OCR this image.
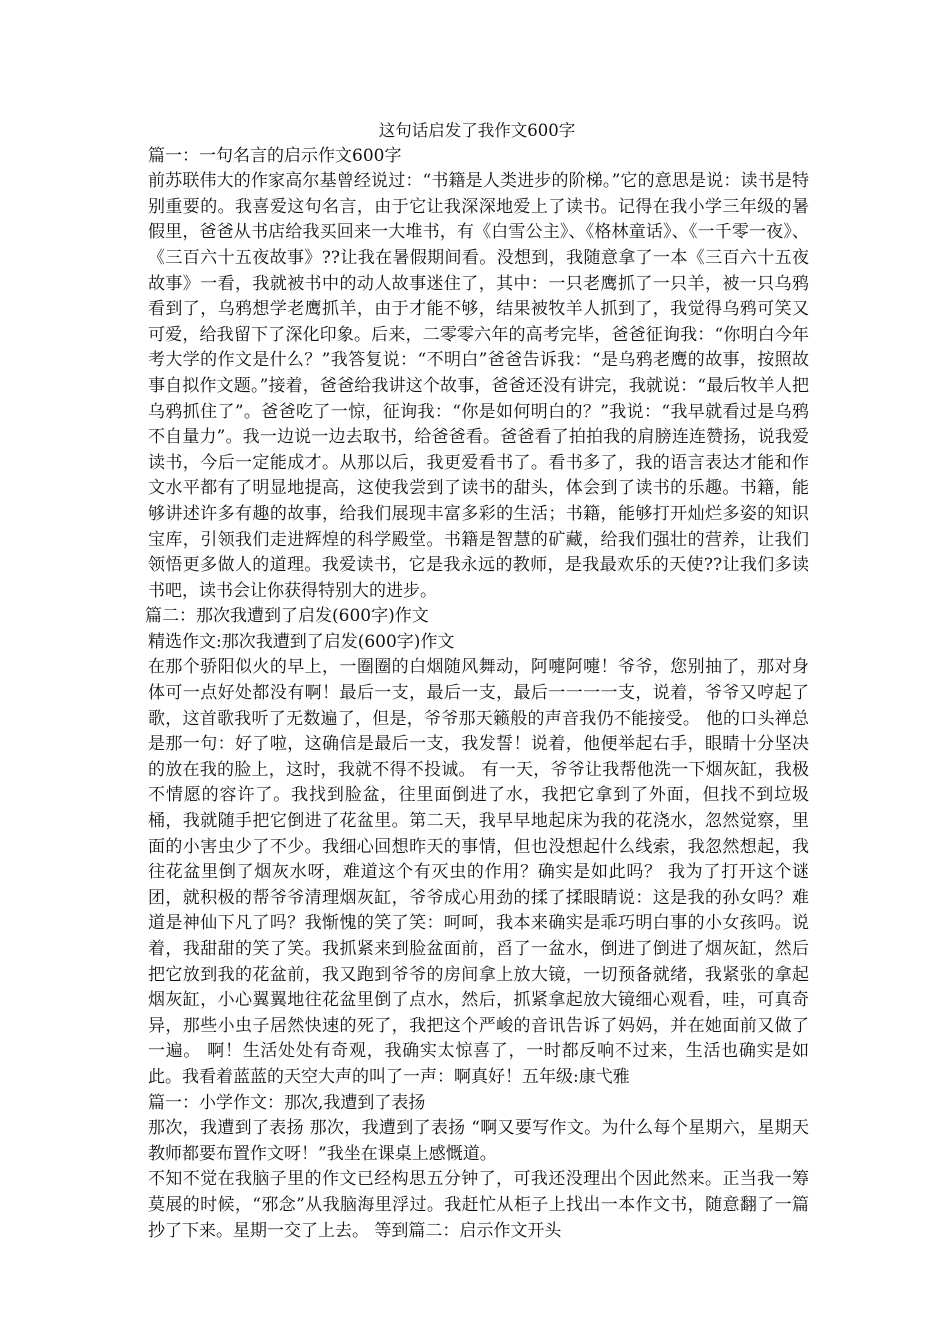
这句话启发了我作文600字

篇一：一句名言的启示作文600字

前苏联伟大的作家高尔基曾经说过：“书籍是人类进步的阶梯。”它的意思是说：读书是特别重要的。我喜爱这句名言，由于它让我深深地爱上了读书。记得在我小学三年级的暑假里，爸爸从书店给我买回来一大堆书，有《白雪公主》、《格林童话》、《一千零一夜》、《三百六十五夜故事》??让我在暑假期间看。没想到，我随意拿了一本《三百六十五夜故事》一看，我就被书中的动人故事迷住了，其中：一只老鹰抓了一只羊，被一只乌鸦看到了，乌鸦想学老鹰抓羊，由于才能不够，结果被牧羊人抓到了，我觉得乌鸦可笑又可爱，给我留下了深化印象。后来，二零零六年的高考完毕，爸爸征询我：“你明白今年考大学的作文是什么？”我答复说：“不明白”爸爸告诉我：“是乌鸦老鹰的故事，按照故事自拟作文题。”接着，爸爸给我讲这个故事，爸爸还没有讲完，我就说：“最后牧羊人把乌鸦抓住了”。爸爸吃了一惊，征询我：“你是如何明白的？”我说：“我早就看过是乌鸦不自量力”。我一边说一边去取书，给爸爸看。爸爸看了拍拍我的肩膀连连赞扬，说我爱读书，今后一定能成才。从那以后，我更爱看书了。看书多了，我的语言表达才能和作文水平都有了明显地提高，这使我尝到了读书的甜头，体会到了读书的乐趣。书籍，能够讲述许多有趣的故事，给我们展现丰富多彩的生活；书籍，能够打开灿烂多姿的知识宝库，引领我们走进辉煌的科学殿堂。书籍是智慧的矿藏，给我们强壮的营养，让我们领悟更多做人的道理。我爱读书，它是我永远的教师，是我最欢乐的天使??让我们多读书吧，读书会让你获得特别大的进步。

篇二：那次我遭到了启发(600字)作文

精选作文:那次我遭到了启发(600字)作文

在那个骄阳似火的早上，一圈圈的白烟随风舞动，阿嚏阿嚏！爷爷，您别抽了，那对身体可一点好处都没有啊！最后一支，最后一支，最后一一一一支，说着，爷爷又哼起了歌，这首歌我听了无数遍了，但是，爷爷那天籁般的声音我仍不能接受。 他的口头禅总是那一句：好了啦，这确信是最后一支，我发誓！说着，他便举起右手，眼睛十分坚决的放在我的脸上，这时，我就不得不投诚。 有一天，爷爷让我帮他洗一下烟灰缸，我极不情愿的容许了。我找到脸盆，往里面倒进了水，我把它拿到了外面，但找不到垃圾桶，我就随手把它倒进了花盆里。第二天，我早早地起床为我的花浇水，忽然觉察，里面的小害虫少了不少。我细心回想昨天的事情，但也没想起什么线索，我忽然想起，我往花盆里倒了烟灰水呀，难道这个有灭虫的作用？确实是如此吗？ 我为了打开这个谜团，就积极的帮爷爷清理烟灰缸，爷爷成心用劲的揉了揉眼睛说：这是我的孙女吗？难道是神仙下凡了吗？我惭愧的笑了笑：呵呵，我本来确实是乖巧明白事的小女孩吗。说着，我甜甜的笑了笑。我抓紧来到脸盆面前，舀了一盆水，倒进了倒进了烟灰缸，然后把它放到我的花盆前，我又跑到爷爷的房间拿上放大镜，一切预备就绪，我紧张的拿起烟灰缸，小心翼翼地往花盆里倒了点水，然后，抓紧拿起放大镜细心观看，哇，可真奇异，那些小虫子居然快速的死了，我把这个严峻的音讯告诉了妈妈，并在她面前又做了一遍。 啊！生活处处有奇观，我确实太惊喜了，一时都反响不过来，生活也确实是如此。我看着蓝蓝的天空大声的叫了一声：啊真好！五年级:康弋雅

篇一：小学作文：那次,我遭到了表扬

那次，我遭到了表扬 那次，我遭到了表扬 “啊又要写作文。为什么每个星期六，星期天教师都要布置作文呀！”我坐在课桌上感慨道。

不知不觉在我脑子里的作文已经构思五分钟了，可我还没理出个因此然来。正当我一筹莫展的时候，“邪念”从我脑海里浮过。我赶忙从柜子上找出一本作文书，随意翻了一篇抄了下来。星期一交了上去。 等到篇二：启示作文开头
